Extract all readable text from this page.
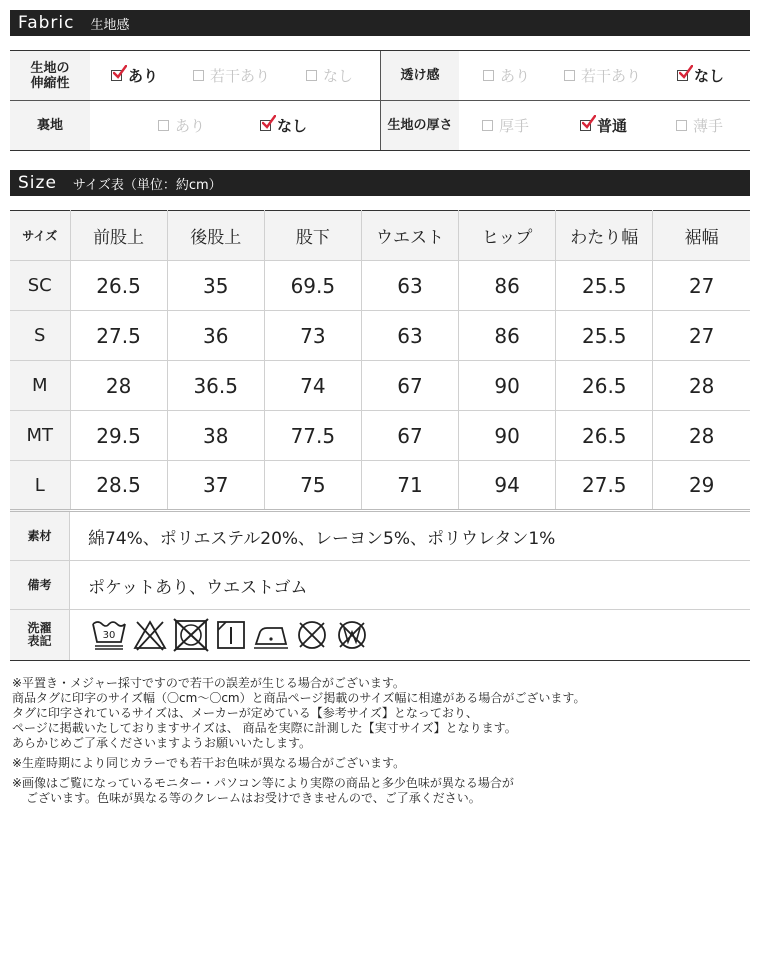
Fabric 生地感
生地の
伸縮性	あり	若干あり	なし	透け感	あり	若干あり	なし
裏地	あり	なし	生地の厚さ	厚手	普通	薄手
Size サイズ表（単位：約cm）
サイズ	前股上	後股上	股下	ウエスト	ヒップ	わたり幅	裾幅
SC	26.5	35	69.5	63	86	25.5	27
S	27.5	36	73	63	86	25.5	27
M	28	36.5	74	67	90	26.5	28
MT	29.5	38	77.5	67	90	26.5	28
L	28.5	37	75	71	94	27.5	29
素材	綿74%、ポリエステル20%、レーヨン5%、ポリウレタン1%
備考	ポケットあり、ウエストゴム
洗濯
表記	30

※平置き・メジャー採寸ですので若干の誤差が生じる場合がございます。

商品タグに印字のサイズ幅（〇cm～〇cm）と商品ページ掲載のサイズ幅に相違がある場合がございます。

タグに印字されているサイズは、メーカーが定めている【参考サイズ】となっており、

ページに掲載いたしておりますサイズは、 商品を実際に計測した【実寸サイズ】となります。

あらかじめご了承くださいますようお願いいたします。

※生産時期により同じカラーでも若干お色味が異なる場合がございます。

※画像はご覧になっているモニター・パソコン等により実際の商品と多少色味が異なる場合が

ございます。色味が異なる等のクレームはお受けできませんので、ご了承ください。
